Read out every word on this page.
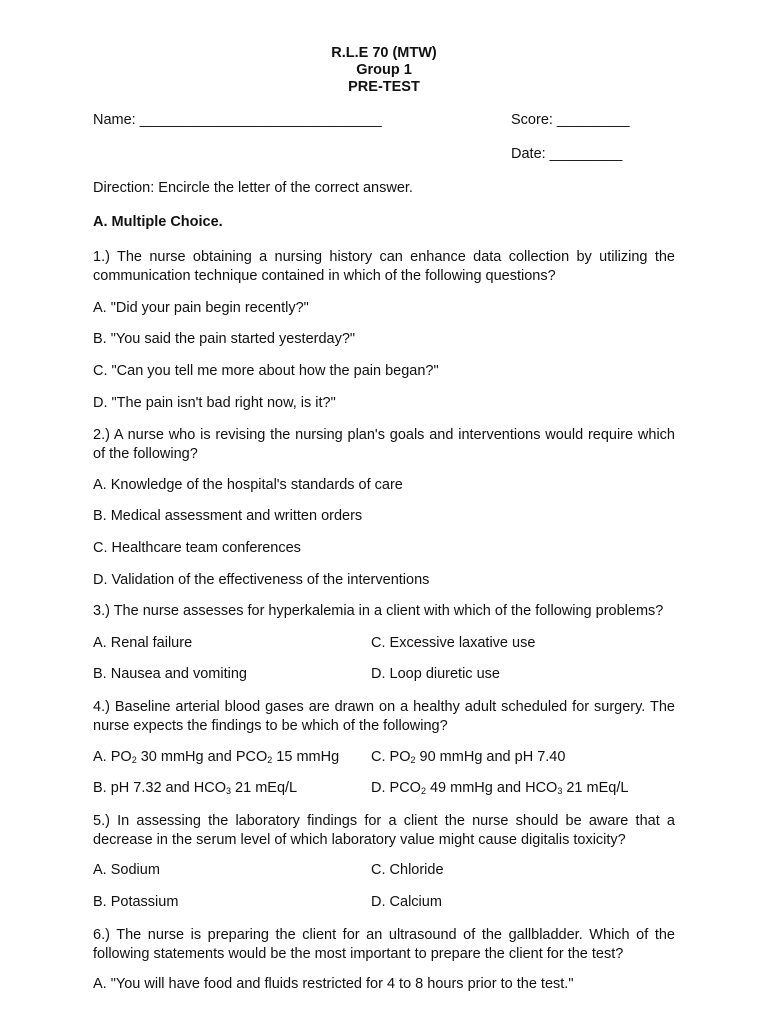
R.L.E 70 (MTW)
Group 1
PRE-TEST
Name: ______________________________	Score: _________
Date: _________
Direction: Encircle the letter of the correct answer.
A. Multiple Choice.
1.) The nurse obtaining a nursing history can enhance data collection by utilizing the communication technique contained in which of the following questions?
A. "Did your pain begin recently?"
B. "You said the pain started yesterday?"
C. "Can you tell me more about how the pain began?"
D. "The pain isn't bad right now, is it?"
2.) A nurse who is revising the nursing plan's goals and interventions would require which of the following?
A. Knowledge of the hospital's standards of care
B. Medical assessment and written orders
C. Healthcare team conferences
D. Validation of the effectiveness of the interventions
3.) The nurse assesses for hyperkalemia in a client with which of the following problems?
A. Renal failure	C. Excessive laxative use
B. Nausea and vomiting	D. Loop diuretic use
4.) Baseline arterial blood gases are drawn on a healthy adult scheduled for surgery. The nurse expects the findings to be which of the following?
A. $PO_2$ 30 mmHg and $PCO_2$ 15 mmHg C. $PO_2$ 90 mmHg and pH 7.40
B. pH 7.32 and $HCO_3$ 21 mEq/L	D. $PCO_2$ 49 mmHg and $HCO_3$ 21 mEq/L
5.) In assessing the laboratory findings for a client the nurse should be aware that a decrease in the serum level of which laboratory value might cause digitalis toxicity?
A. Sodium	C. Chloride
B. Potassium	D. Calcium
6.) The nurse is preparing the client for an ultrasound of the gallbladder. Which of the following statements would be the most important to prepare the client for the test?
A. "You will have food and fluids restricted for 4 to 8 hours prior to the test."
